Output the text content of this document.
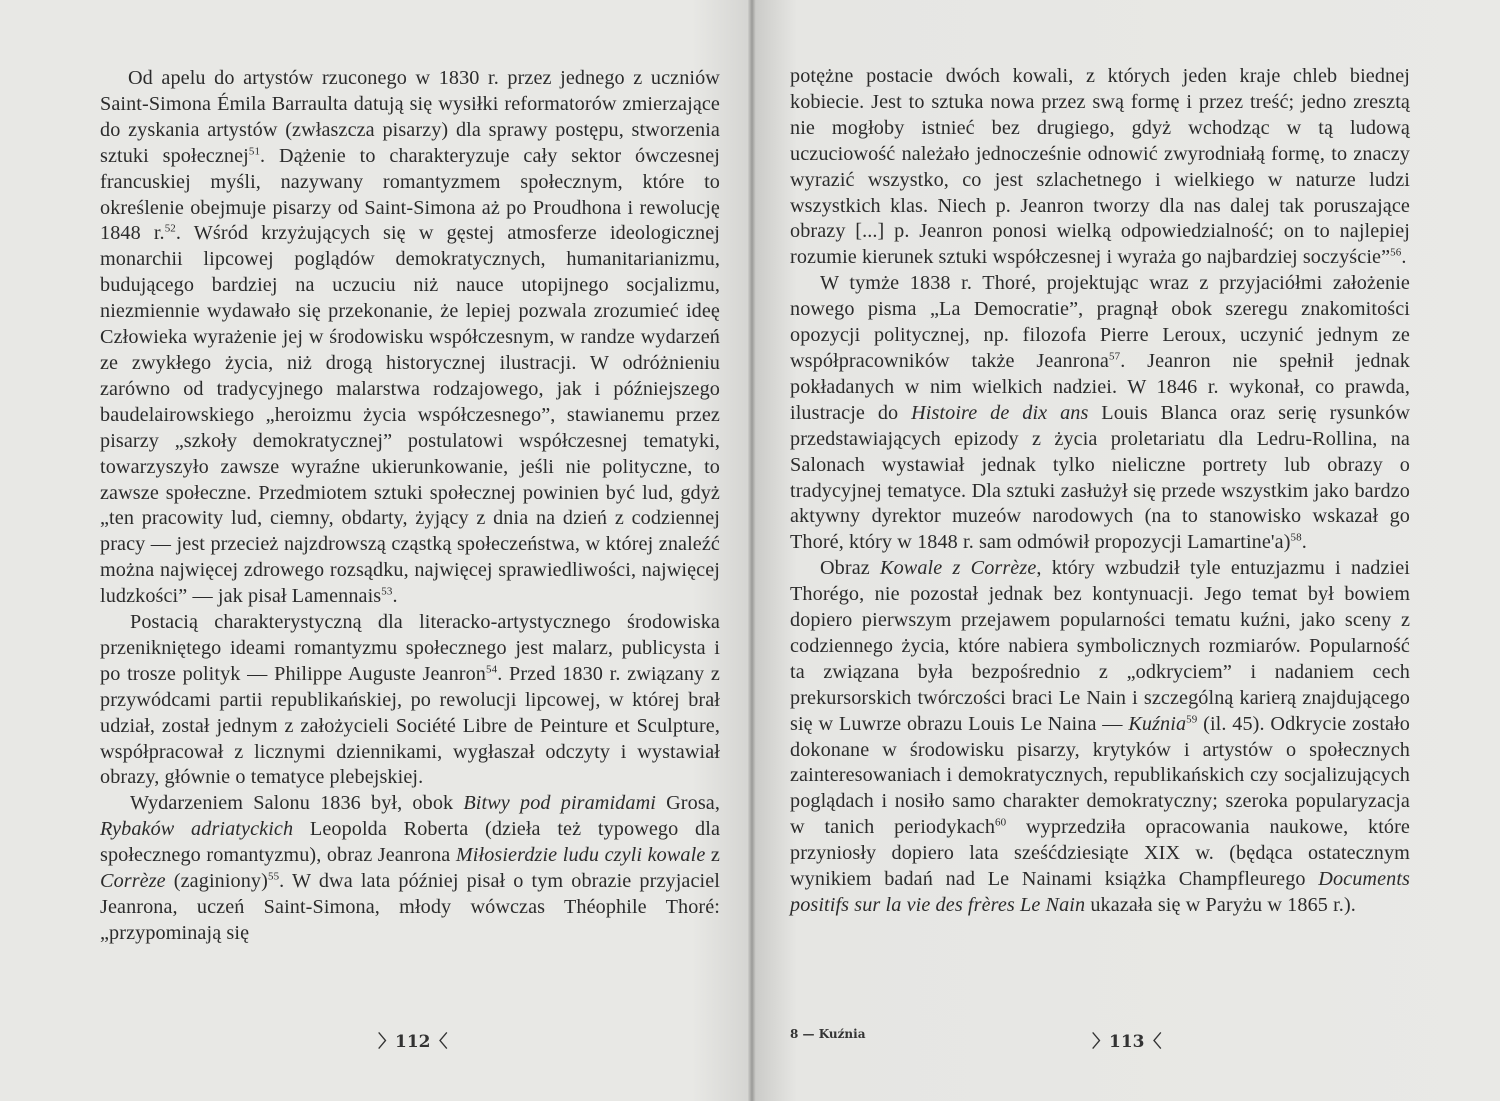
Od apelu do artystów rzuconego w 1830 r. przez jednego z uczniów Saint-Simona Émila Barraulta datują się wysiłki reformatorów zmierzające do zyskania artystów (zwłaszcza pisarzy) dla sprawy postępu, stworzenia sztuki społecznej$^{51}$. Dążenie to charakteryzuje cały sektor ówczesnej francuskiej myśli, nazywany romantyzmem społecznym, które to określenie obejmuje pisarzy od Saint-Simona aż po Proudhona i rewolucję 1848 r.$^{52}$. Wśród krzyżujących się w gęstej atmosferze ideologicznej monarchii lipcowej poglądów demokratycznych, humanitarianizmu, budującego bardziej na uczuciu niż nauce utopijnego socjalizmu, niezmiennie wydawało się przekonanie, że lepiej pozwala zrozumieć ideę Człowieka wyrażenie jej w środowisku współczesnym, w randze wydarzeń ze zwykłego życia, niż drogą historycznej ilustracji. W odróżnieniu zarówno od tradycyjnego malarstwa rodzajowego, jak i późniejszego baudelairowskiego „heroizmu życia współczesnego”, stawianemu przez pisarzy „szkoły demokratycznej” postulatowi współczesnej tematyki, towarzyszyło zawsze wyraźne ukierunkowanie, jeśli nie polityczne, to zawsze społeczne. Przedmiotem sztuki społecznej powinien być lud, gdyż „ten pracowity lud, ciemny, obdarty, żyjący z dnia na dzień z codziennej pracy — jest przecież najzdrowszą cząstką społeczeństwa, w której znaleźć można najwięcej zdrowego rozsądku, najwięcej sprawiedliwości, najwięcej ludzkości” — jak pisał Lamennais$^{53}$.

Postacią charakterystyczną dla literacko-artystycznego środowiska przenikniętego ideami romantyzmu społecznego jest malarz, publicysta i po trosze polityk — Philippe Auguste Jeanron$^{54}$. Przed 1830 r. związany z przywódcami partii republikańskiej, po rewolucji lipcowej, w której brał udział, został jednym z założycieli Société Libre de Peinture et Sculpture, współpracował z licznymi dziennikami, wygłaszał odczyty i wystawiał obrazy, głównie o tematyce plebejskiej.

Wydarzeniem Salonu 1836 był, obok Bitwy pod piramidami Grosa, Rybaków adriatyckich Leopolda Roberta (dzieła też typowego dla społecznego romantyzmu), obraz Jeanrona Miłosierdzie ludu czyli kowale z Corrèze (zaginiony)$^{55}$. W dwa lata później pisał o tym obrazie przyjaciel Jeanrona, uczeń Saint-Simona, młody wówczas Théophile Thoré: „przypominają się

〉112〈

potężne postacie dwóch kowali, z których jeden kraje chleb biednej kobiecie. Jest to sztuka nowa przez swą formę i przez treść; jedno zresztą nie mogłoby istnieć bez drugiego, gdyż wchodząc w tą ludową uczuciowość należało jednocześnie odnowić zwyrodniałą formę, to znaczy wyrazić wszystko, co jest szlachetnego i wielkiego w naturze ludzi wszystkich klas. Niech p. Jeanron tworzy dla nas dalej tak poruszające obrazy [...] p. Jeanron ponosi wielką odpowiedzialność; on to najlepiej rozumie kierunek sztuki współczesnej i wyraża go najbardziej soczyście”$^{56}$.

W tymże 1838 r. Thoré, projektując wraz z przyjaciółmi założenie nowego pisma „La Democratie”, pragnął obok szeregu znakomitości opozycji politycznej, np. filozofa Pierre Leroux, uczynić jednym ze współpracowników także Jeanrona$^{57}$. Jeanron nie spełnił jednak pokładanych w nim wielkich nadziei. W 1846 r. wykonał, co prawda, ilustracje do Histoire de dix ans Louis Blanca oraz serię rysunków przedstawiających epizody z życia proletariatu dla Ledru-Rollina, na Salonach wystawiał jednak tylko nieliczne portrety lub obrazy o tradycyjnej tematyce. Dla sztuki zasłużył się przede wszystkim jako bardzo aktywny dyrektor muzeów narodowych (na to stanowisko wskazał go Thoré, który w 1848 r. sam odmówił propozycji Lamartine'a)$^{58}$.

Obraz Kowale z Corrèze, który wzbudził tyle entuzjazmu i nadziei Thorégo, nie pozostał jednak bez kontynuacji. Jego temat był bowiem dopiero pierwszym przejawem popularności tematu kuźni, jako sceny z codziennego życia, które nabiera symbolicznych rozmiarów. Popularność ta związana była bezpośrednio z „odkryciem” i nadaniem cech prekursorskich twórczości braci Le Nain i szczególną karierą znajdującego się w Luwrze obrazu Louis Le Naina — Kuźnia$^{59}$ (il. 45). Odkrycie zostało dokonane w środowisku pisarzy, krytyków i artystów o społecznych zainteresowaniach i demokratycznych, republikańskich czy socjalizujących poglądach i nosiło samo charakter demokratyczny; szeroka popularyzacja w tanich periodykach$^{60}$ wyprzedziła opracowania naukowe, które przyniosły dopiero lata sześćdziesiąte XIX w. (będąca ostatecznym wynikiem badań nad Le Nainami książka Champfleurego Documents positifs sur la vie des frères Le Nain ukazała się w Paryżu w 1865 r.).

8 — Kuźnia	〉113〈
